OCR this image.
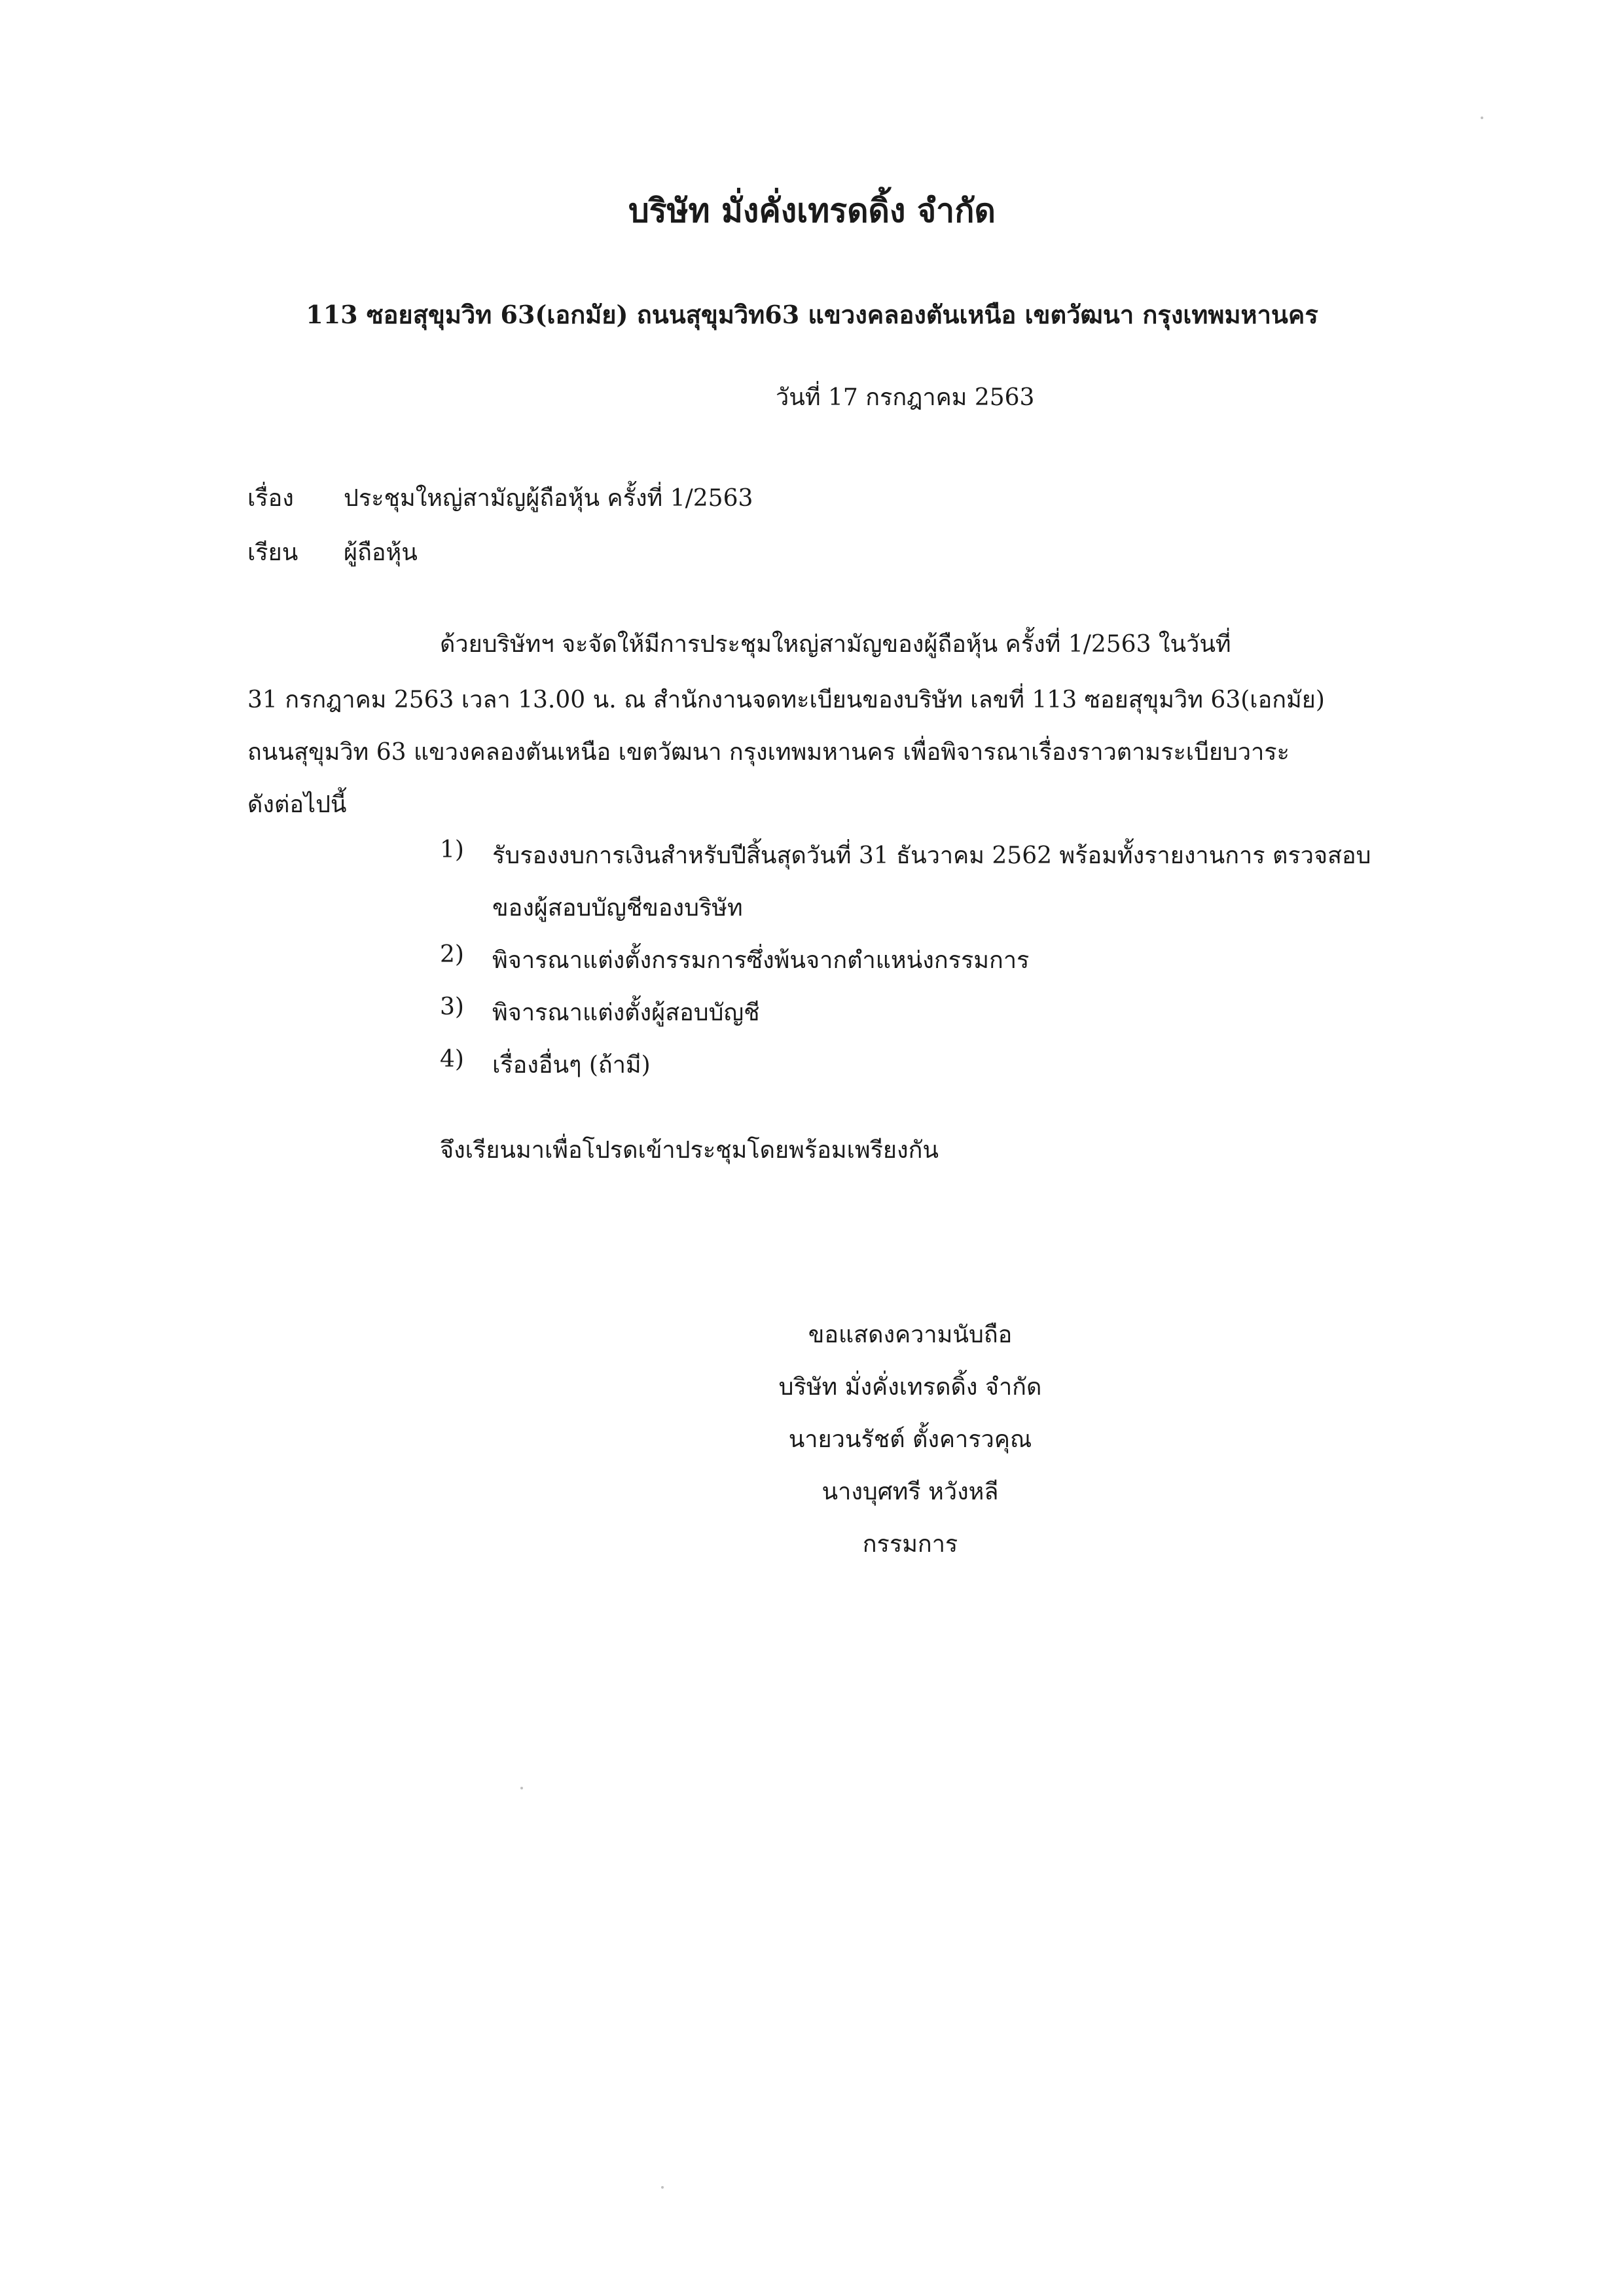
บริษัท มั่งคั่งเทรดดิ้ง จำกัด
113 ซอยสุขุมวิท 63(เอกมัย) ถนนสุขุมวิท63 แขวงคลองตันเหนือ เขตวัฒนา กรุงเทพมหานคร
วันที่ 17 กรกฎาคม 2563
เรื่อง ประชุมใหญ่สามัญผู้ถือหุ้น ครั้งที่ 1/2563
เรียน ผู้ถือหุ้น
ด้วยบริษัทฯ จะจัดให้มีการประชุมใหญ่สามัญของผู้ถือหุ้น ครั้งที่ 1/2563 ในวันที่
31 กรกฎาคม 2563 เวลา 13.00 น. ณ สำนักงานจดทะเบียนของบริษัท เลขที่ 113 ซอยสุขุมวิท 63(เอกมัย)
ถนนสุขุมวิท 63 แขวงคลองตันเหนือ เขตวัฒนา กรุงเทพมหานคร เพื่อพิจารณาเรื่องราวตามระเบียบวาระ
ดังต่อไปนี้
1) รับรองงบการเงินสำหรับปีสิ้นสุดวันที่ 31 ธันวาคม 2562 พร้อมทั้งรายงานการ ตรวจสอบ
ของผู้สอบบัญชีของบริษัท
2) พิจารณาแต่งตั้งกรรมการซึ่งพ้นจากตำแหน่งกรรมการ
3) พิจารณาแต่งตั้งผู้สอบบัญชี
4) เรื่องอื่นๆ (ถ้ามี)
จึงเรียนมาเพื่อโปรดเข้าประชุมโดยพร้อมเพรียงกัน
ขอแสดงความนับถือ
บริษัท มั่งคั่งเทรดดิ้ง จำกัด
นายวนรัชต์ ตั้งคารวคุณ
นางบุศทรี หวังหลี
กรรมการ
